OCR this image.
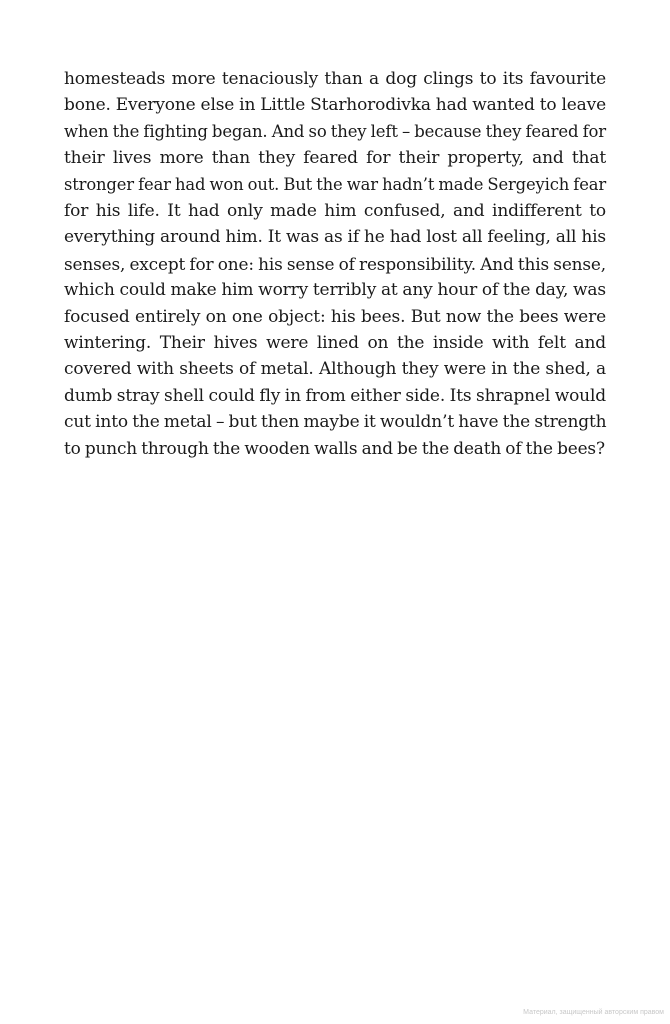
homesteads more tenaciously than a dog clings to its favourite
bone. Everyone else in Little Starhorodivka had wanted to leave
when the fighting began. And so they left – because they feared for
their lives more than they feared for their property, and that
stronger fear had won out. But the war hadn’t made Sergeyich fear
for his life. It had only made him confused, and indifferent to
everything around him. It was as if he had lost all feeling, all his
senses, except for one: his sense of responsibility. And this sense,
which could make him worry terribly at any hour of the day, was
focused entirely on one object: his bees. But now the bees were
wintering. Their hives were lined on the inside with felt and
covered with sheets of metal. Although they were in the shed, a
dumb stray shell could fly in from either side. Its shrapnel would
cut into the metal – but then maybe it wouldn’t have the strength
to punch through the wooden walls and be the death of the bees?
Материал, защищенный авторским правом
